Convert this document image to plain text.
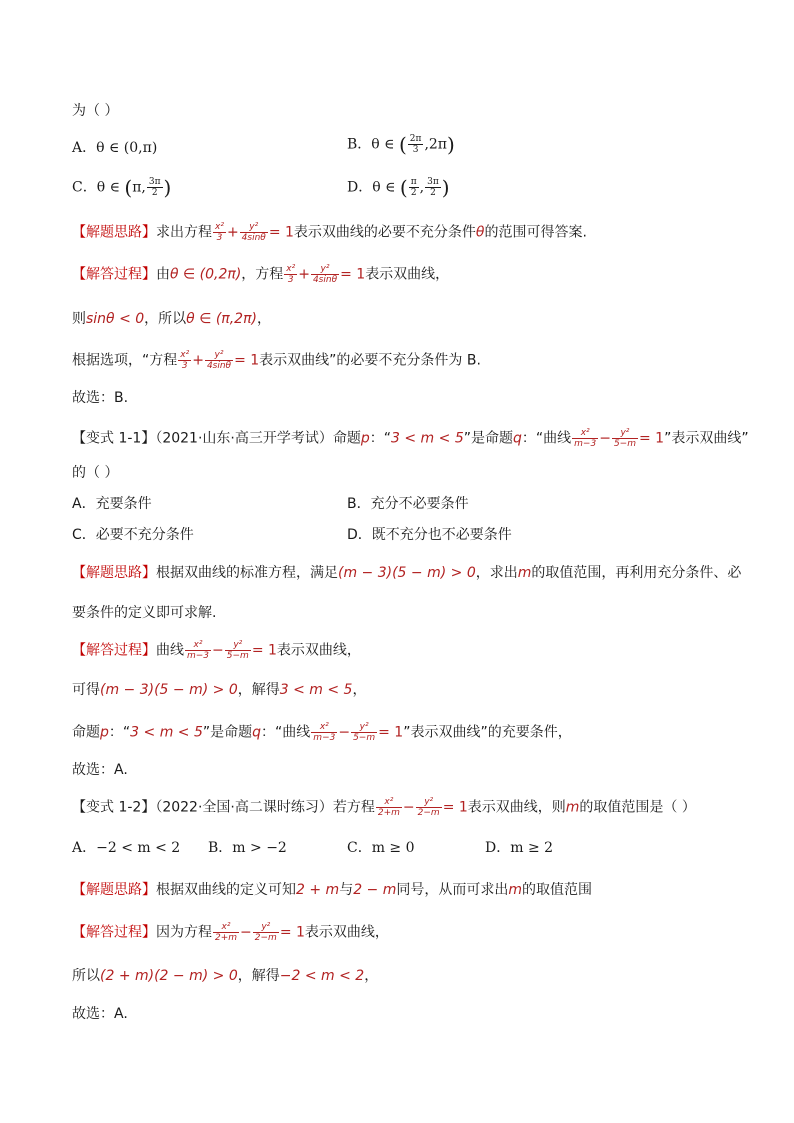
为（ ）
A．θ ∈ (0,π)	B．θ ∈ ( $\frac{2\pi}{3} ,2\pi$)
C．θ ∈ (π, $\frac{3\pi}{2}$ )	D．θ ∈ ( $\frac{\pi}{2}$ , $\frac{3\pi}{2}$ )
【解题思路】求出方程 $\frac{\text{x²}}{3} + \frac{\text{y²}}{4\sin\theta} = 1$表示双曲线的必要不充分条件θ的范围可得答案.
【解答过程】由θ ∈ (0,2π)，方程 $\frac{\text{x²}}{3} + \frac{\text{y²}}{4\sin\theta} = 1$表示双曲线，
则sinθ < 0，所以θ ∈ (π,2π)，
根据选项，“方程 $\frac{\text{x²}}{3} + \frac{\text{y²}}{4\sin\theta} = 1$表示双曲线”的必要不充分条件为 B.
故选：B.
【变式 1-1】（2021·山东·高三开学考试）命题p：“3 < m < 5”是命题q：“曲线 $\frac{\text{x²}}{m-3} - \frac{\text{y²}}{5-m} = 1$”表示双曲线”
的（ ）
A．充要条件	B．充分不必要条件
C．必要不充分条件	D．既不充分也不必要条件
【解题思路】根据双曲线的标准方程，满足(m − 3)(5 − m) > 0，求出m的取值范围，再利用充分条件、必
要条件的定义即可求解.
【解答过程】曲线 $\frac{\text{x²}}{m-3} - \frac{\text{y²}}{5-m} = 1$表示双曲线，
可得(m − 3)(5 − m) > 0，解得3 < m < 5，
命题p：“3 < m < 5”是命题q：“曲线 $\frac{\text{x²}}{m-3} - \frac{\text{y²}}{5-m} = 1$”表示双曲线”的充要条件，
故选：A.
【变式 1-2】（2022·全国·高二课时练习）若方程 $\frac{\text{x²}}{2+m} - \frac{\text{y²}}{2-m} = 1$表示双曲线，则m的取值范围是（ ）
A．−2 < m < 2 B．m > −2	C．m ≥ 0	D．m ≥ 2
【解题思路】根据双曲线的定义可知2 + m与2 − m同号，从而可求出m的取值范围
【解答过程】因为方程 $\frac{\text{x²}}{2+m} - \frac{\text{y²}}{2-m} = 1$表示双曲线，
所以(2 + m)(2 − m) > 0，解得−2 < m < 2，
故选：A.
